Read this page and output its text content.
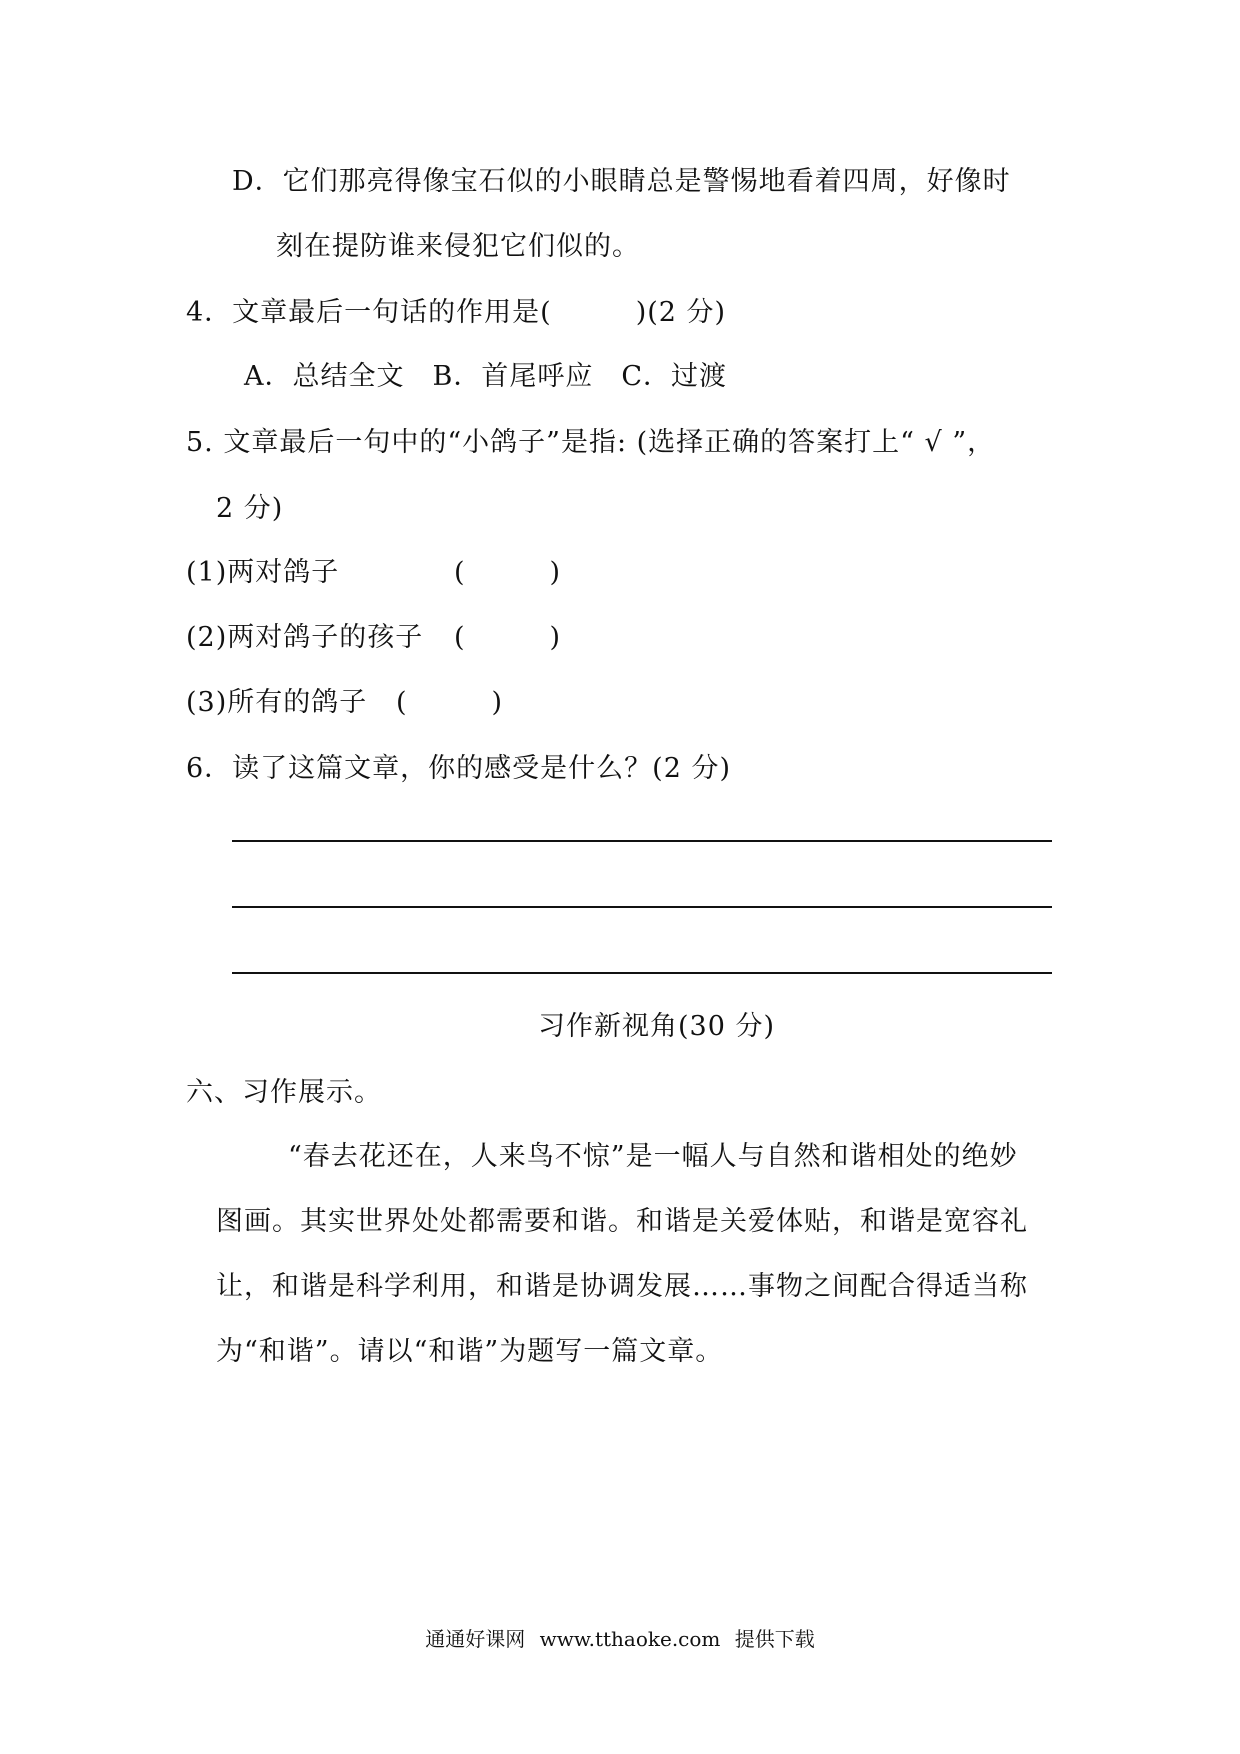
D．它们那亮得像宝石似的小眼睛总是警惕地看着四周，好像时
刻在提防谁来侵犯它们似的。
4．文章最后一句话的作用是(　　　)(2 分)
A．总结全文　B．首尾呼应　C．过渡
5. 文章最后一句中的“小鸽子”是指: (选择正确的答案打上“ √ ”，
2 分)
(1)两对鸽子	(　　　)
(2)两对鸽子的孩子 (　　　)
(3)所有的鸽子 (　　　)
6．读了这篇文章，你的感受是什么？(2 分)
习作新视角(30 分)
六、习作展示。
“春去花还在，人来鸟不惊”是一幅人与自然和谐相处的绝妙
图画。其实世界处处都需要和谐。和谐是关爱体贴，和谐是宽容礼
让，和谐是科学利用，和谐是协调发展……事物之间配合得适当称
为“和谐”。请以“和谐”为题写一篇文章。
通通好课网 www.tthaoke.com 提供下载
